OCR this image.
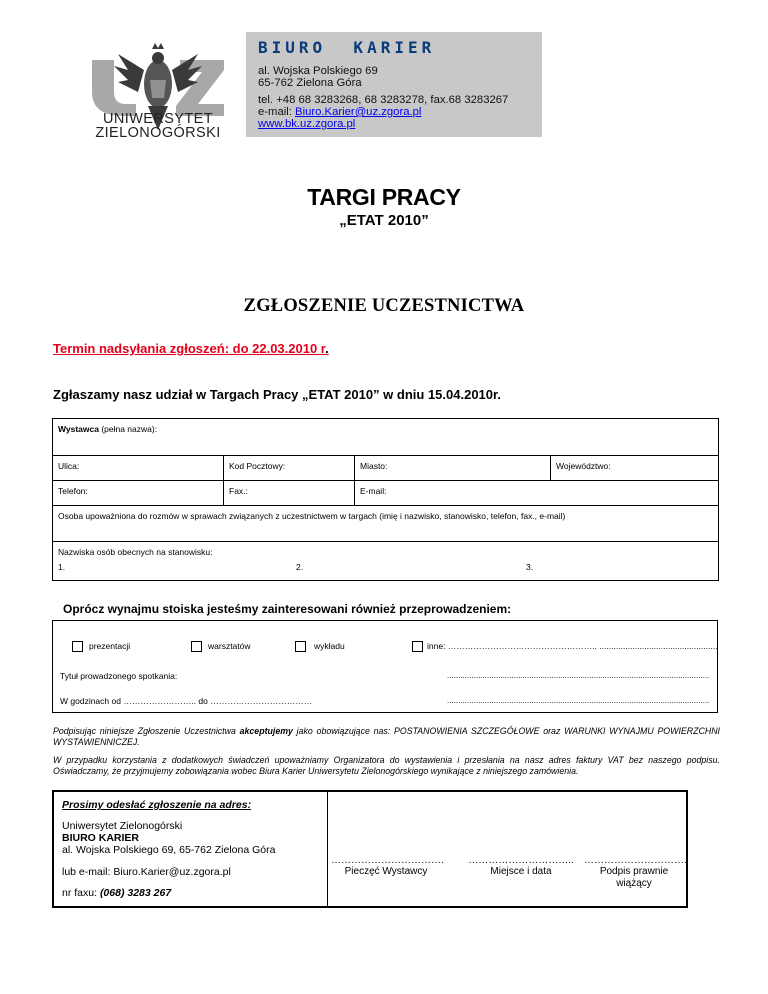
UNIWERSYTET
ZIELONOGÓRSKI
BIURO  KARIER
al. Wojska Polskiego 69
65-762 Zielona Góra
tel. +48 68 3283268, 68 3283278, fax.68 3283267
e-mail: Biuro.Karier@uz.zgora.pl
www.bk.uz.zgora.pl
TARGI PRACY
„ETAT 2010”
ZGŁOSZENIE UCZESTNICTWA
Termin nadsyłania zgłoszeń: do 22.03.2010 r.
Zgłaszamy nasz udział w Targach Pracy „ETAT 2010” w dniu 15.04.2010r.
Wystawca (pełna nazwa):			
Ulica:	Kod Pocztowy:	Miasto:	Województwo:
Telefon:	Fax.:	E-mail:	
Osoba upoważniona do rozmów w sprawach związanych z uczestnictwem w targach (imię i nazwisko, stanowisko, telefon, fax., e-mail)			

Nazwiska osób obecnych na stanowisku:
1. 2. 3.			
Oprócz wynajmu stoiska jesteśmy zainteresowani również przeprowadzeniem:
prezentacji	warsztatów	wykładu	inne: …………………………………………….. ..................................................
Tytuł prowadzonego spotkania:	......................................................................................................................
W godzinach od …………………….. do ………………………………	......................................................................................................................
Podpisując niniejsze Zgłoszenie Uczestnictwa akceptujemy jako obowiązujące nas: POSTANOWIENIA SZCZEGÓŁOWE oraz WARUNKI WYNAJMU POWIERZCHNI WYSTAWIENNICZEJ.
W przypadku korzystania z dodatkowych świadczeń upoważniamy Organizatora do wystawienia i przesłania na nasz adres faktury VAT bez naszego podpisu. Oświadczamy, że przyjmujemy zobowiązania wobec Biura Karier Uniwersytetu Zielonogórskiego wynikające z niniejszego zamówienia.
Prosimy odesłać zgłoszenie na adres:
Uniwersytet Zielonogórski
BIURO KARIER
al. Wojska Polskiego 69, 65-762 Zielona Góra
lub e-mail: Biuro.Karier@uz.zgora.pl
nr faxu: (068) 3283 267
…………………………….
Pieczęć Wystawcy
…………………………..
Miejsce i data
………………………….
Podpis prawnie
wiążący
